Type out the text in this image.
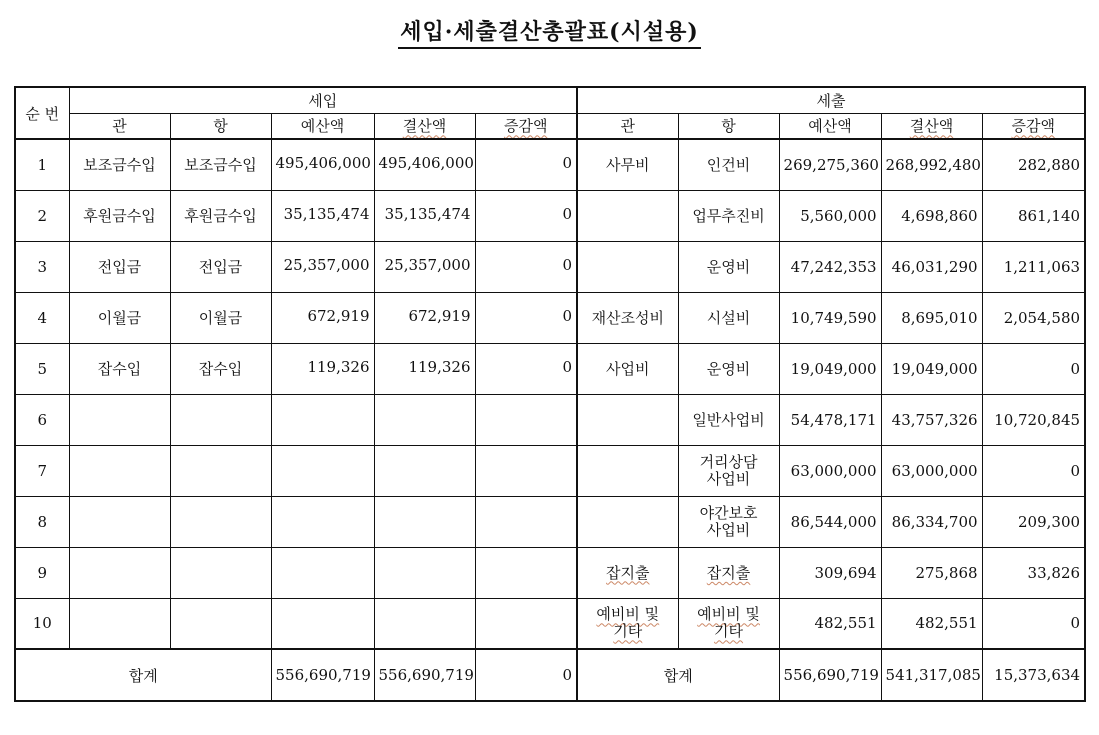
세입·세출결산총괄표(시설용)
순 번	세입					세출				
	관	항	예산액	결산액	증감액	관	항	예산액	결산액	증감액
1	보조금수입	보조금수입	495,406,000	495,406,000	0	사무비	인건비	269,275,360	268,992,480	282,880
2	후원금수입	후원금수입	35,135,474	35,135,474	0		업무추진비	5,560,000	4,698,860	861,140
3	전입금	전입금	25,357,000	25,357,000	0		운영비	47,242,353	46,031,290	1,211,063
4	이월금	이월금	672,919	672,919	0	재산조성비	시설비	10,749,590	8,695,010	2,054,580
5	잡수입	잡수입	119,326	119,326	0	사업비	운영비	19,049,000	19,049,000	0
6							일반사업비	54,478,171	43,757,326	10,720,845
7							거리상담 사업비	63,000,000	63,000,000	0
8							야간보호 사업비	86,544,000	86,334,700	209,300
9						잡지출	잡지출	309,694	275,868	33,826
10						예비비 및기타	예비비 및기타	482,551	482,551	0
합계			556,690,719	556,690,719	0	합계		556,690,719	541,317,085	15,373,634
